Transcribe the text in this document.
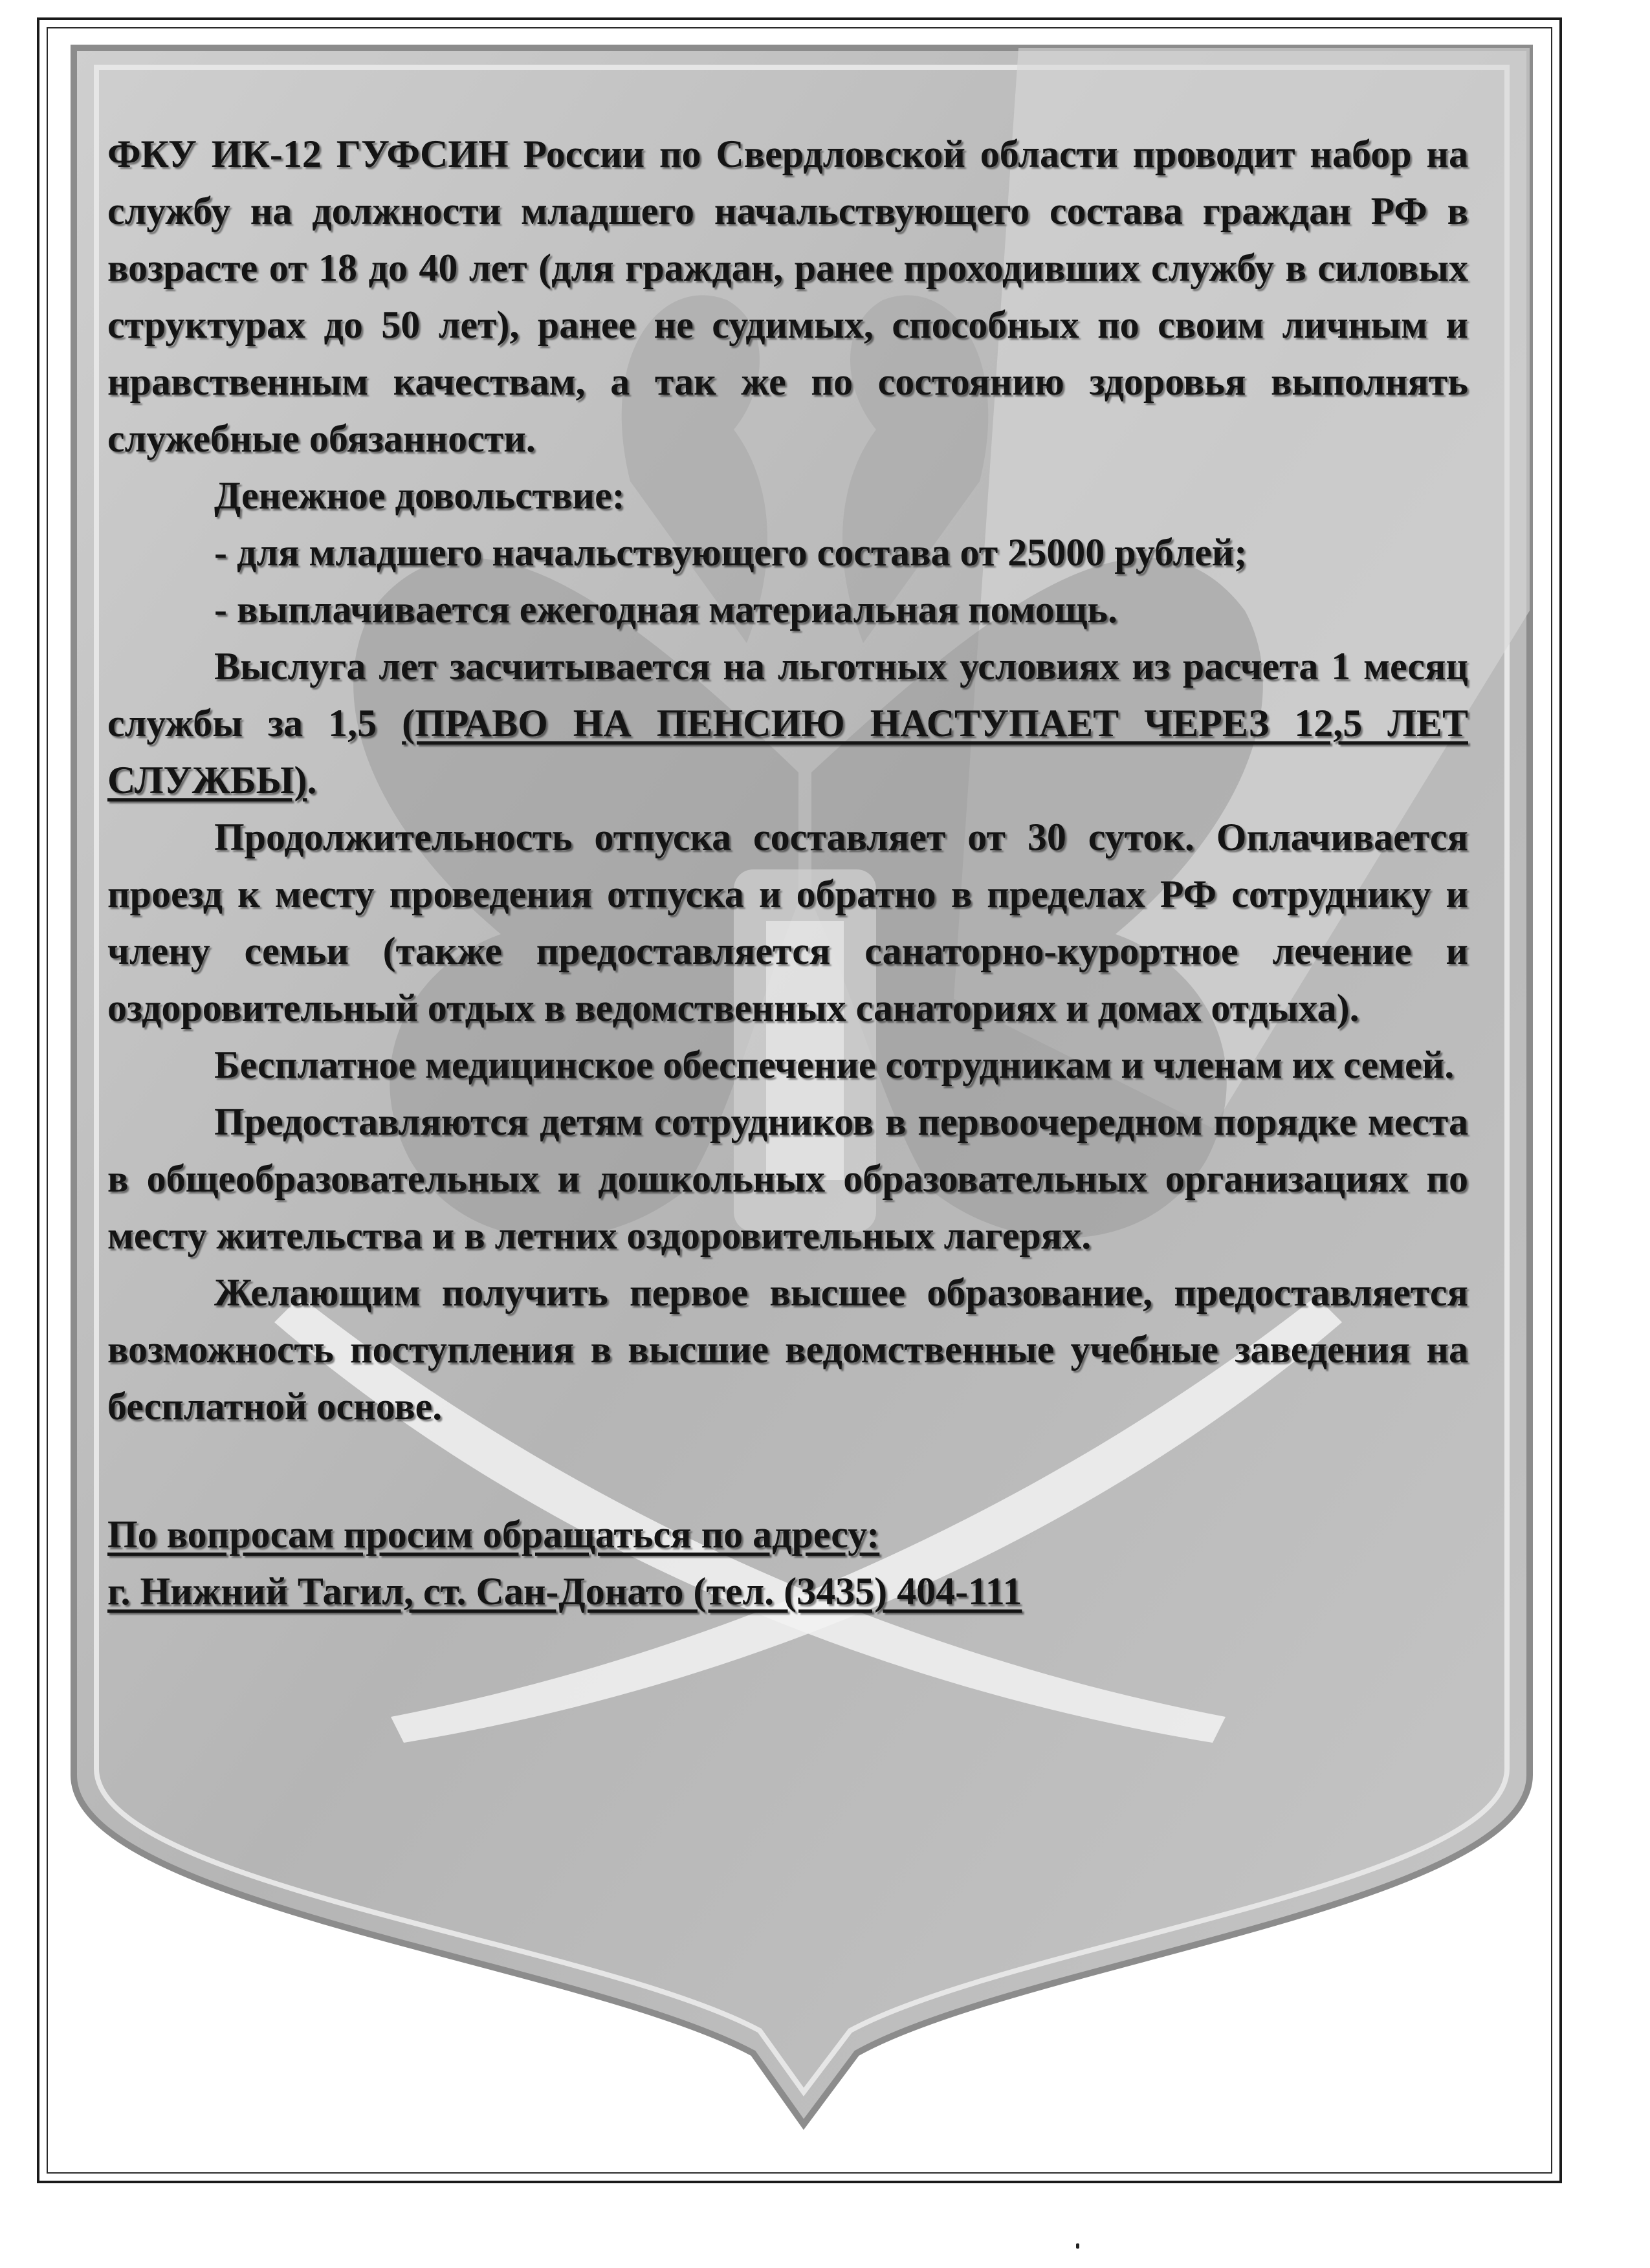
ФКУ ИК-12 ГУФСИН России по Свердловской области проводит набор на службу на должности младшего начальствующего состава граждан РФ в возрасте от 18 до 40 лет (для граждан, ранее проходивших службу в силовых структурах до 50 лет), ранее не судимых, способных по своим личным и нравственным качествам, а так же по состоянию здоровья выполнять служебные обязанности.

Денежное довольствие:

- для младшего начальствующего состава от 25000 рублей;

- выплачивается ежегодная материальная помощь.

Выслуга лет засчитывается на льготных условиях из расчета 1 месяц службы за 1,5 (ПРАВО НА ПЕНСИЮ НАСТУПАЕТ ЧЕРЕЗ 12,5 ЛЕТ СЛУЖБЫ).

Продолжительность отпуска составляет от 30 суток. Оплачивается проезд к месту проведения отпуска и обратно в пределах РФ сотруднику и члену семьи (также предоставляется санаторно-курортное лечение и оздоровительный отдых в ведомственных санаториях и домах отдыха).

Бесплатное медицинское обеспечение сотрудникам и членам их семей.

Предоставляются детям сотрудников в первоочередном порядке места в общеобразовательных и дошкольных образовательных организациях по месту жительства и в летних оздоровительных лагерях.

Желающим получить первое высшее образование, предоставляется возможность поступления в высшие ведомственные учебные заведения на бесплатной основе.

По вопросам просим обращаться по адресу:
г. Нижний Тагил, ст. Сан-Донато (тел. (3435) 404-111
